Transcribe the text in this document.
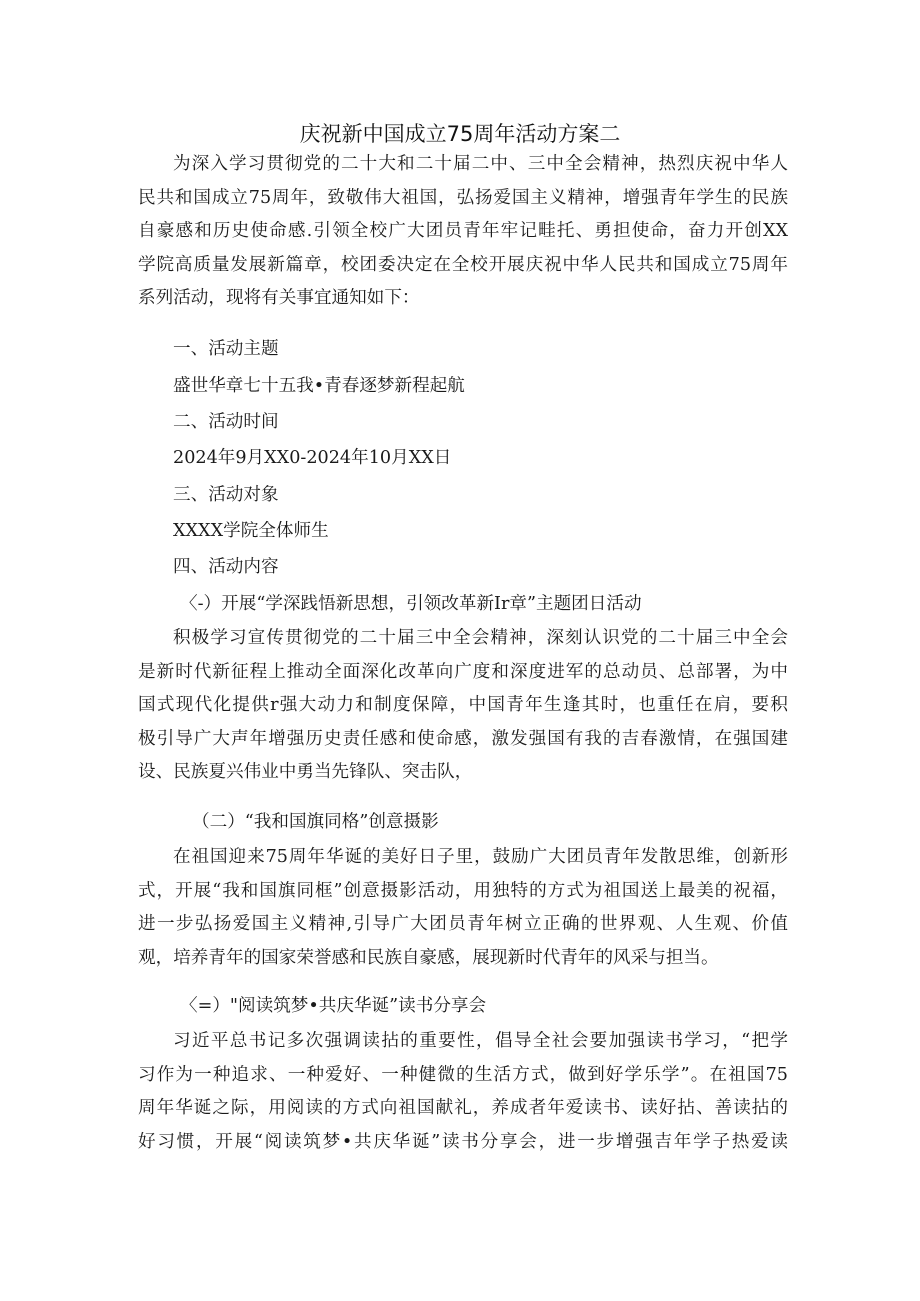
庆祝新中国成立75周年活动方案二
为深入学习贯彻党的二十大和二十届二中、三中全会精神，热烈庆祝中华人
民共和国成立75周年，致敬伟大祖国，弘扬爱国主义精神，增强青年学生的民族
自豪感和历史使命感.引领全校广大团员青年牢记畦托、勇担使命，奋力开创XX
学院高质量发展新篇章，校团委决定在全校开展庆祝中华人民共和国成立75周年
系列活动，现将有关事宜通知如下：
一、活动主题
盛世华章七十五我•青春逐梦新程起航
二、活动时间
2024年9月XX0-2024年10月XX日
三、活动对象
XXXX学院全体师生
四、活动内容
〈-）开展“学深践悟新思想，引领改革新Ir章”主题团日活动
积极学习宣传贯彻党的二十届三中全会精神，深刻认识党的二十届三中全会
是新时代新征程上推动全面深化改革向广度和深度进军的总动员、总部署，为中
国式现代化提供r强大动力和制度保障，中国青年生逢其时，也重任在肩，要积
极引导广大声年增强历史责任感和使命感，激发强国有我的吉春激情，在强国建
设、民族夏兴伟业中勇当先锋队、突击队，
（二）“我和国旗同格”创意摄影
在祖国迎来75周年华诞的美好日子里，鼓励广大团员青年发散思维，创新形
式，开展“我和国旗同框”创意摄影活动，用独特的方式为祖国送上最美的祝福，
进一步弘扬爱国主义精神,引导广大团员青年树立正确的世界观、人生观、价值
观，培养青年的国家荣誉感和民族自豪感，展现新时代青年的风采与担当。
〈=）"阅读筑梦•共庆华诞”读书分享会
习近平总书记多次强调读拈的重要性，倡导全社会要加强读书学习，“把学
习作为一种追求、一种爱好、一种健微的生活方式，做到好学乐学”。在祖国75
周年华诞之际，用阅读的方式向祖国献礼，养成者年爱读书、读好拈、善读拈的
好习惯，开展“阅读筑梦•共庆华诞”读书分享会，进一步增强吉年学子热爱读
